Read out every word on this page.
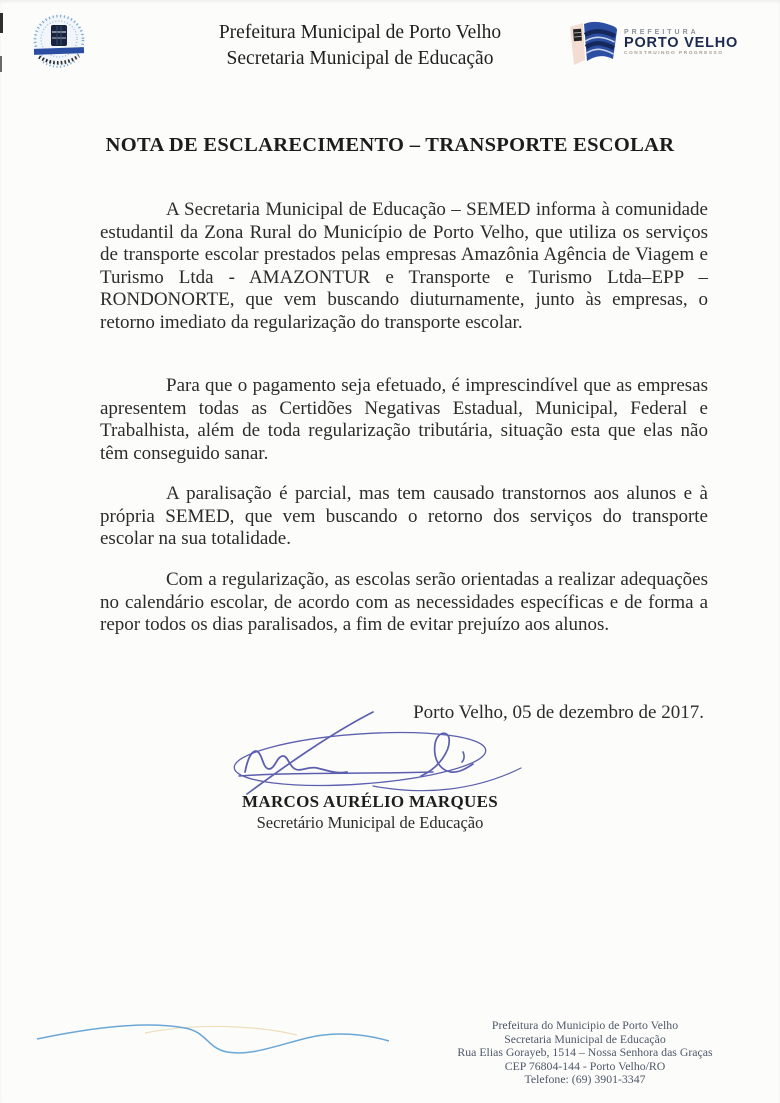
Prefeitura Municipal de Porto Velho
Secretaria Municipal de Educação
PREFEITURA
PORTO VELHO
CONSTRUINDO PROGRESSO
NOTA DE ESCLARECIMENTO – TRANSPORTE ESCOLAR

A Secretaria Municipal de Educação – SEMED informa à comunidade estudantil da Zona Rural do Município de Porto Velho, que utiliza os serviços de transporte escolar prestados pelas empresas Amazônia Agência de Viagem e Turismo Ltda - AMAZONTUR e Transporte e Turismo Ltda–EPP –RONDONORTE, que vem buscando diuturnamente, junto às empresas, o retorno imediato da regularização do transporte escolar.

Para que o pagamento seja efetuado, é imprescindível que as empresas apresentem todas as Certidões Negativas Estadual, Municipal, Federal e Trabalhista, além de toda regularização tributária, situação esta que elas não têm conseguido sanar.

A paralisação é parcial, mas tem causado transtornos aos alunos e à própria SEMED, que vem buscando o retorno dos serviços do transporte escolar na sua totalidade.

Com a regularização, as escolas serão orientadas a realizar adequações no calendário escolar, de acordo com as necessidades específicas e de forma a repor todos os dias paralisados, a fim de evitar prejuízo aos alunos.

Porto Velho, 05 de dezembro de 2017.
MARCOS AURÉLIO MARQUES
Secretário Municipal de Educação
Prefeitura do Municipio de Porto Velho
Secretaria Municipal de Educação
Rua Elias Gorayeb, 1514 – Nossa Senhora das Graças
CEP 76804-144 - Porto Velho/RO
Telefone: (69) 3901-3347
